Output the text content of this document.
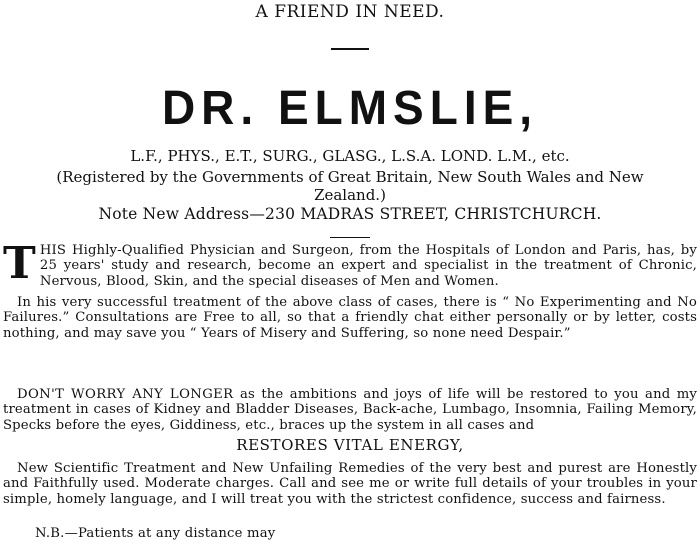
A FRIEND IN NEED.
DR. ELMSLIE,
L.F., PHYS., E.T., SURG., GLASG., L.S.A. LOND. L.M., etc.
(Registered by the Governments of Great Britain, New South Wales and New Zealand.)
Note New Address—230 MADRAS STREET, CHRISTCHURCH.
T HIS Highly-Qualified Physician and Surgeon, from the Hospitals of London and Paris, has, by 25 years' study and research, become an expert and specialist in the treatment of Chronic, Nervous, Blood, Skin, and the special diseases of Men and Women.
In his very successful treatment of the above class of cases, there is “ No Experimenting and No Failures.” Consultations are Free to all, so that a friendly chat either personally or by letter, costs nothing, and may save you “ Years of Misery and Suffering, so none need Despair.”
DON'T WORRY ANY LONGER as the ambitions and joys of life will be restored to you and my treatment in cases of Kidney and Bladder Diseases, Back-ache, Lumbago, Insomnia, Failing Memory, Specks before the eyes, Giddiness, etc., braces up the system in all cases and
RESTORES VITAL ENERGY,
New Scientific Treatment and New Unfailing Remedies of the very best and purest are Honestly and Faithfully used. Moderate charges. Call and see me or write full details of your troubles in your simple, homely language, and I will treat you with the strictest confidence, success and fairness.
N.B.—Patients at any distance may
